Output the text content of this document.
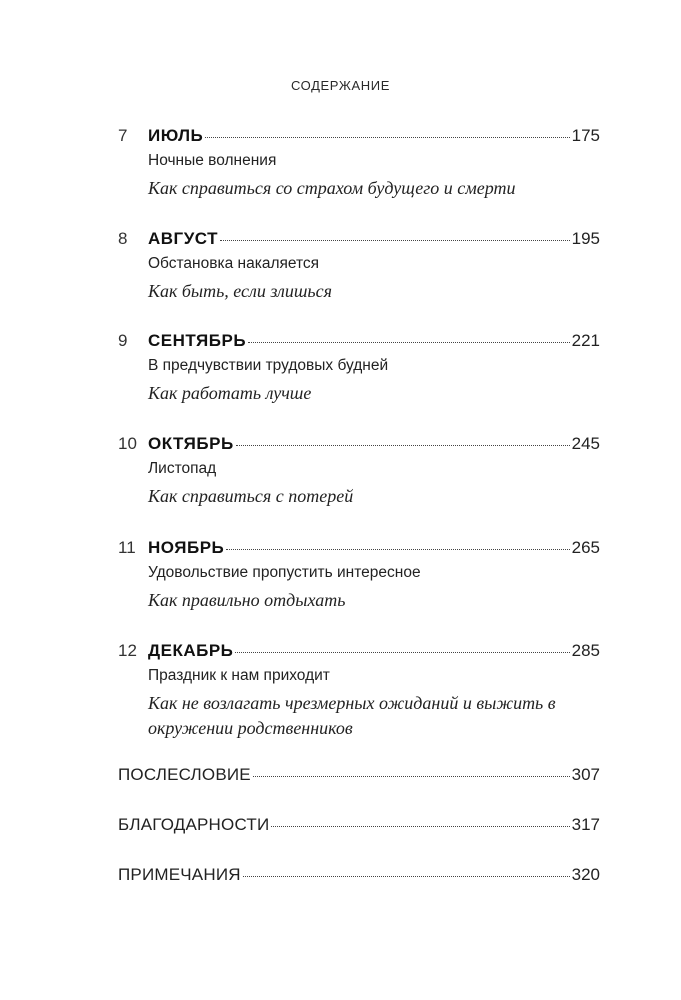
СОДЕРЖАНИЕ
7	ИЮЛЬ	175
Ночные волнения
Как справиться со страхом будущего и смерти
8	АВГУСТ	195
Обстановка накаляется
Как быть, если злишься
9	СЕНТЯБРЬ	221
В предчувствии трудовых будней
Как работать лучше
10 ОКТЯБРЬ	245
Листопад
Как справиться с потерей
11 НОЯБРЬ	265
Удовольствие пропустить интересное
Как правильно отдыхать
12 ДЕКАБРЬ	285
Праздник к нам приходит
Как не возлагать чрезмерных ожиданий и выжить в окружении родственников
ПОСЛЕСЛОВИЕ	307
БЛАГОДАРНОСТИ	317
ПРИМЕЧАНИЯ	320
